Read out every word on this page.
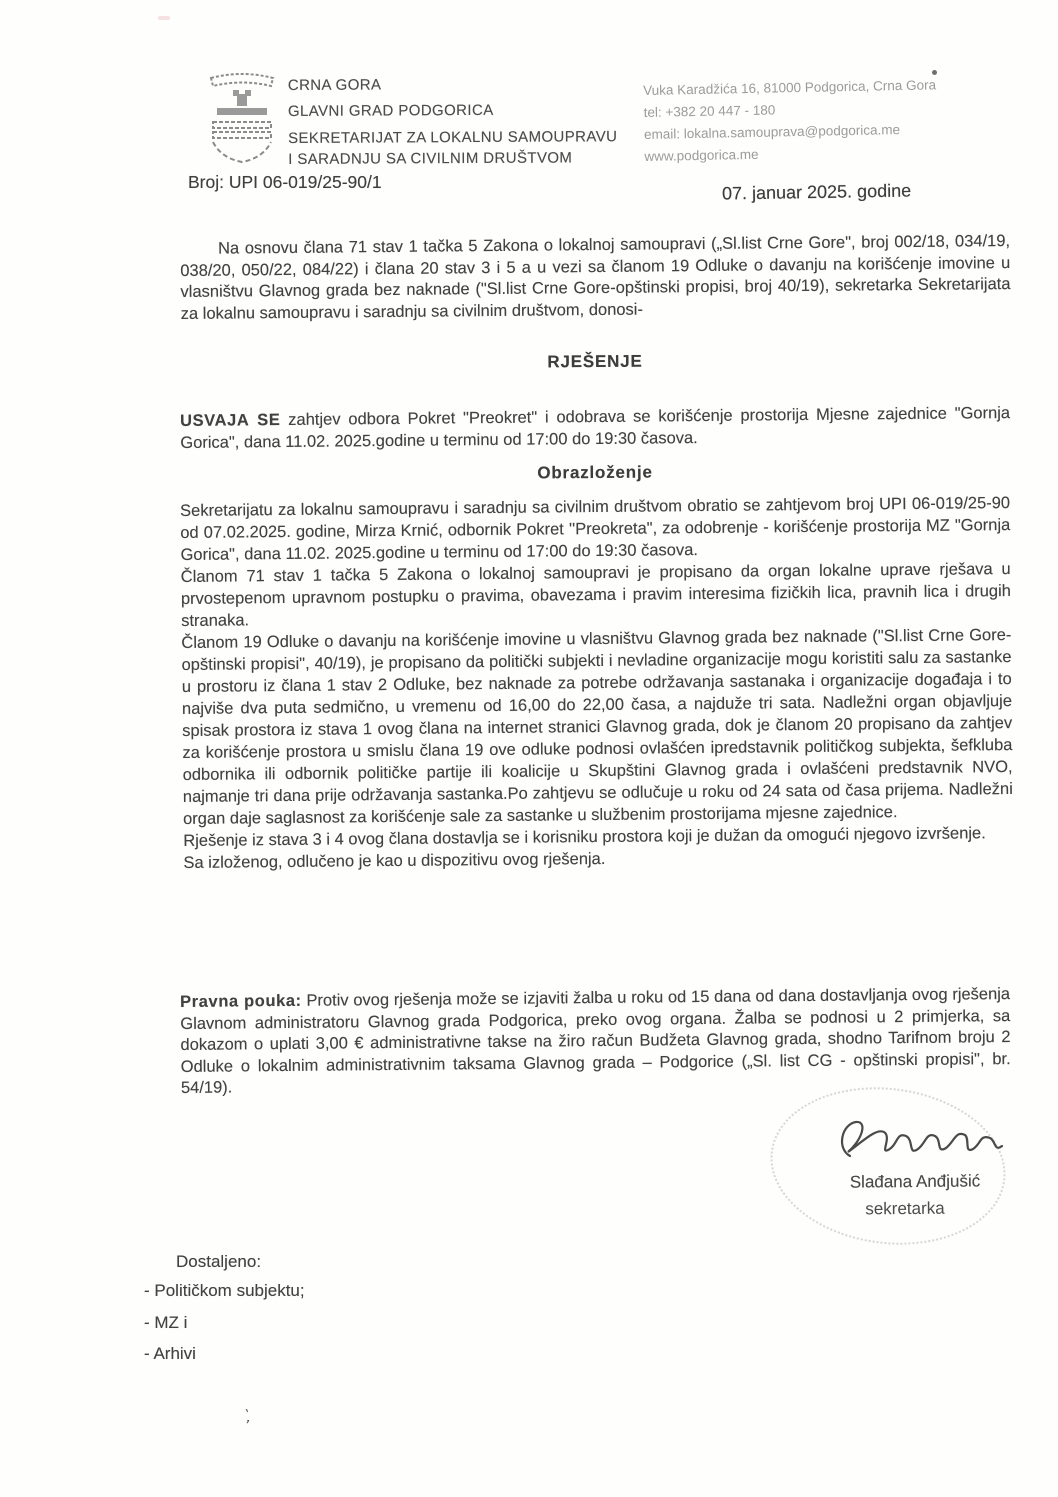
CRNA GORA
GLAVNI GRAD PODGORICA
SEKRETARIJAT ZA LOKALNU SAMOUPRAVU
I SARADNJU SA CIVILNIM DRUŠTVOM
Vuka Karadžića 16, 81000 Podgorica, Crna Gora
tel: +382 20 447 - 180
email: lokalna.samouprava@podgorica.me
www.podgorica.me
Broj: UPI 06-019/25-90/1	07. januar 2025. godine

Na osnovu člana 71 stav 1 tačka 5 Zakona o lokalnoj samoupravi („Sl.list Crne Gore", broj 002/18, 034/19, 038/20, 050/22, 084/22) i člana 20 stav 3 i 5 a u vezi sa članom 19 Odluke o davanju na korišćenje imovine u vlasništvu Glavnog grada bez naknade ("Sl.list Crne Gore-opštinski propisi, broj 40/19), sekretarka Sekretarijata za lokalnu samoupravu i saradnju sa civilnim društvom, donosi-

RJEŠENJE

USVAJA SE zahtjev odbora Pokret "Preokret" i odobrava se korišćenje prostorija Mjesne zajednice "Gornja Gorica", dana 11.02. 2025.godine u terminu od 17:00 do 19:30 časova.

Obrazloženje

Sekretarijatu za lokalnu samoupravu i saradnju sa civilnim društvom obratio se zahtjevom broj UPI 06-019/25-90 od 07.02.2025. godine, Mirza Krnić, odbornik Pokret ''Preokreta", za odobrenje - korišćenje prostorija MZ "Gornja Gorica", dana 11.02. 2025.godine u terminu od 17:00 do 19:30 časova.

Članom 71 stav 1 tačka 5 Zakona o lokalnoj samoupravi je propisano da organ lokalne uprave rješava u prvostepenom upravnom postupku o pravima, obavezama i pravim interesima fizičkih lica, pravnih lica i drugih stranaka.

Članom 19 Odluke o davanju na korišćenje imovine u vlasništvu Glavnog grada bez naknade ("Sl.list Crne Gore-opštinski propisi", 40/19), je propisano da politički subjekti i nevladine organizacije mogu koristiti salu za sastanke u prostoru iz člana 1 stav 2 Odluke, bez naknade za potrebe održavanja sastanaka i organizacije događaja i to najviše dva puta sedmično, u vremenu od 16,00 do 22,00 časa, a najduže tri sata. Nadležni organ objavljuje spisak prostora iz stava 1 ovog člana na internet stranici Glavnog grada, dok je članom 20 propisano da zahtjev za korišćenje prostora u smislu člana 19 ove odluke podnosi ovlašćen ipredstavnik političkog subjekta, šefkluba odbornika ili odbornik političke partije ili koalicije u Skupštini Glavnog grada i ovlašćeni predstavnik NVO, najmanje tri dana prije održavanja sastanka.Po zahtjevu se odlučuje u roku od 24 sata od časa prijema. Nadležni organ daje saglasnost za korišćenje sale za sastanke u službenim prostorijama mjesne zajednice.

Rješenje iz stava 3 i 4 ovog člana dostavlja se i korisniku prostora koji je dužan da omogući njegovo izvršenje.

Sa izloženog, odlučeno je kao u dispozitivu ovog rješenja.

Pravna pouka: Protiv ovog rješenja može se izjaviti žalba u roku od 15 dana od dana dostavljanja ovog rješenja Glavnom administratoru Glavnog grada Podgorica, preko ovog organa. Žalba se podnosi u 2 primjerka, sa dokazom o uplati 3,00 € administrativne takse na žiro račun Budžeta Glavnog grada, shodno Tarifnom broju 2 Odluke o lokalnim administrativnim taksama Glavnog grada – Podgorice („Sl. list CG - opštinski propisi", br. 54/19).

Slađana Anđjušić
sekretarka
Dostaljeno:
- Političkom subjektu;
- MZ i
- Arhivi
`,
